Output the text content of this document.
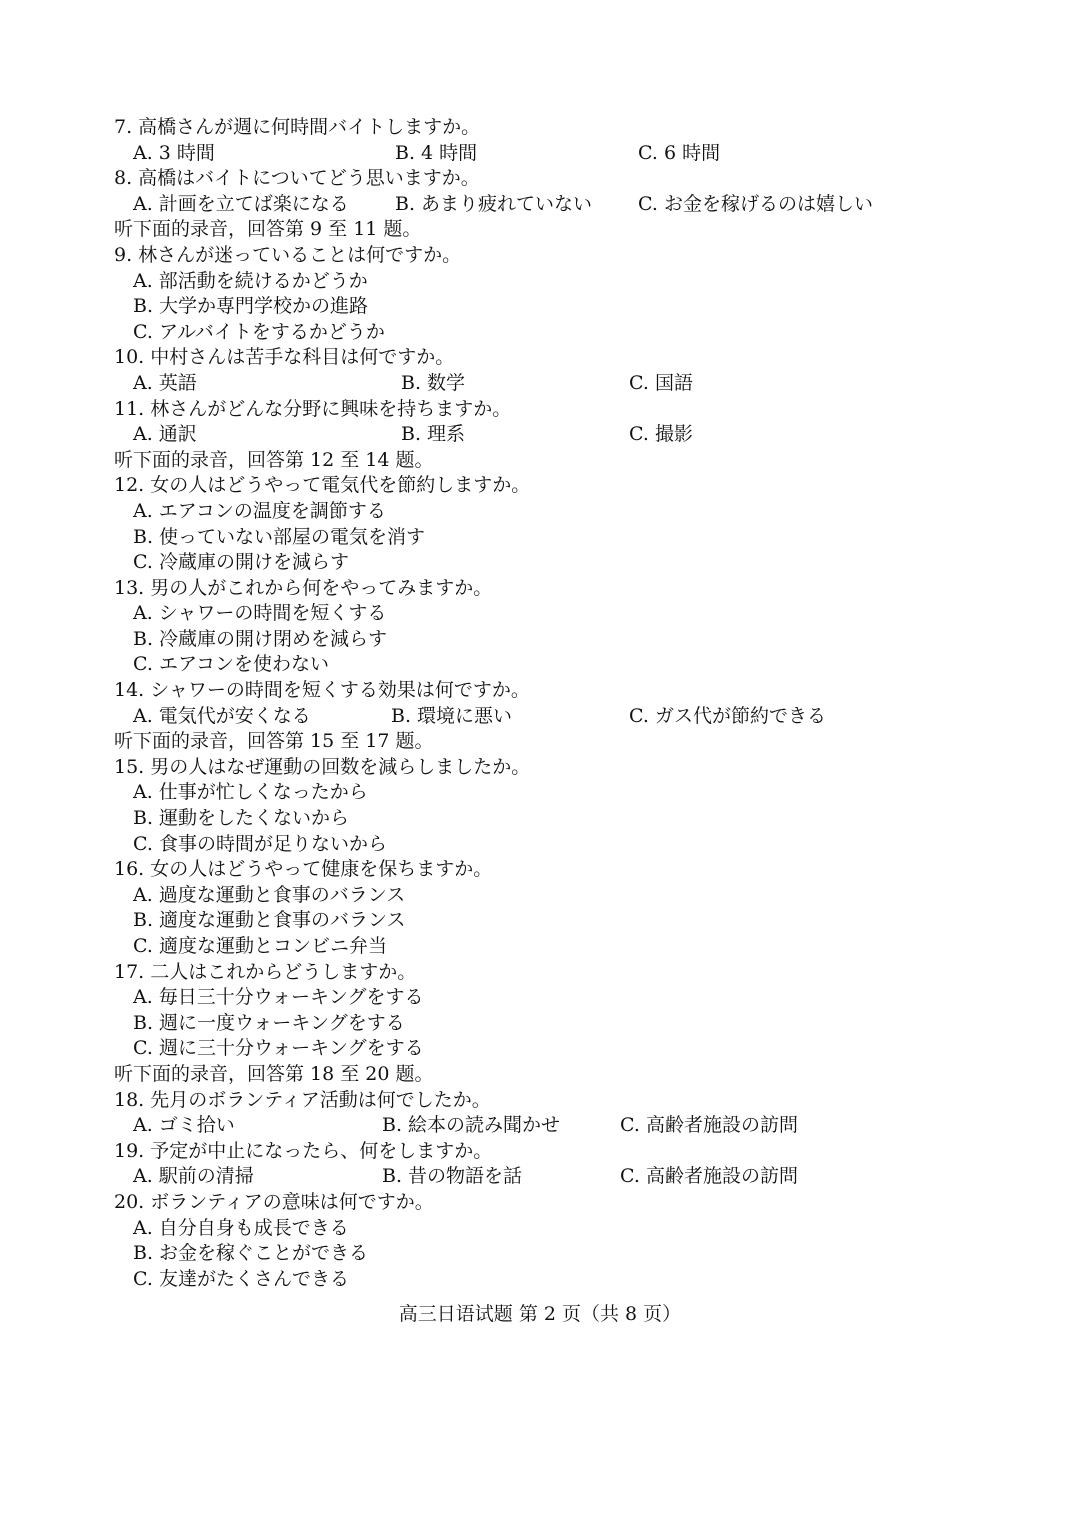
7. 高橋さんが週に何時間バイトしますか。
A. 3 時間	B. 4 時間	C. 6 時間
8. 高橋はバイトについてどう思いますか。
A. 計画を立てば楽になる B. あまり疲れていない C. お金を稼げるのは嬉しい
听下面的录音，回答第 9 至 11 题。
9. 林さんが迷っていることは何ですか。
A. 部活動を続けるかどうか
B. 大学か専門学校かの進路
C. アルバイトをするかどうか
10. 中村さんは苦手な科目は何ですか。
A. 英語	B. 数学	C. 国語
11. 林さんがどんな分野に興味を持ちますか。
A. 通訳	B. 理系	C. 撮影
听下面的录音，回答第 12 至 14 题。
12. 女の人はどうやって電気代を節約しますか。
A. エアコンの温度を調節する
B. 使っていない部屋の電気を消す
C. 冷蔵庫の開けを減らす
13. 男の人がこれから何をやってみますか。
A. シャワーの時間を短くする
B. 冷蔵庫の開け閉めを減らす
C. エアコンを使わない
14. シャワーの時間を短くする効果は何ですか。
A. 電気代が安くなる	B. 環境に悪い	C. ガス代が節約できる
听下面的录音，回答第 15 至 17 题。
15. 男の人はなぜ運動の回数を減らしましたか。
A. 仕事が忙しくなったから
B. 運動をしたくないから
C. 食事の時間が足りないから
16. 女の人はどうやって健康を保ちますか。
A. 過度な運動と食事のバランス
B. 適度な運動と食事のバランス
C. 適度な運動とコンビニ弁当
17. 二人はこれからどうしますか。
A. 毎日三十分ウォーキングをする
B. 週に一度ウォーキングをする
C. 週に三十分ウォーキングをする
听下面的录音，回答第 18 至 20 题。
18. 先月のボランティア活動は何でしたか。
A. ゴミ拾い	B. 絵本の読み聞かせ	C. 高齢者施設の訪問
19. 予定が中止になったら、何をしますか。
A. 駅前の清掃	B. 昔の物語を話	C. 高齢者施設の訪問
20. ボランティアの意味は何ですか。
A. 自分自身も成長できる
B. お金を稼ぐことができる
C. 友達がたくさんできる
高三日语试题 第 2 页（共 8 页）
